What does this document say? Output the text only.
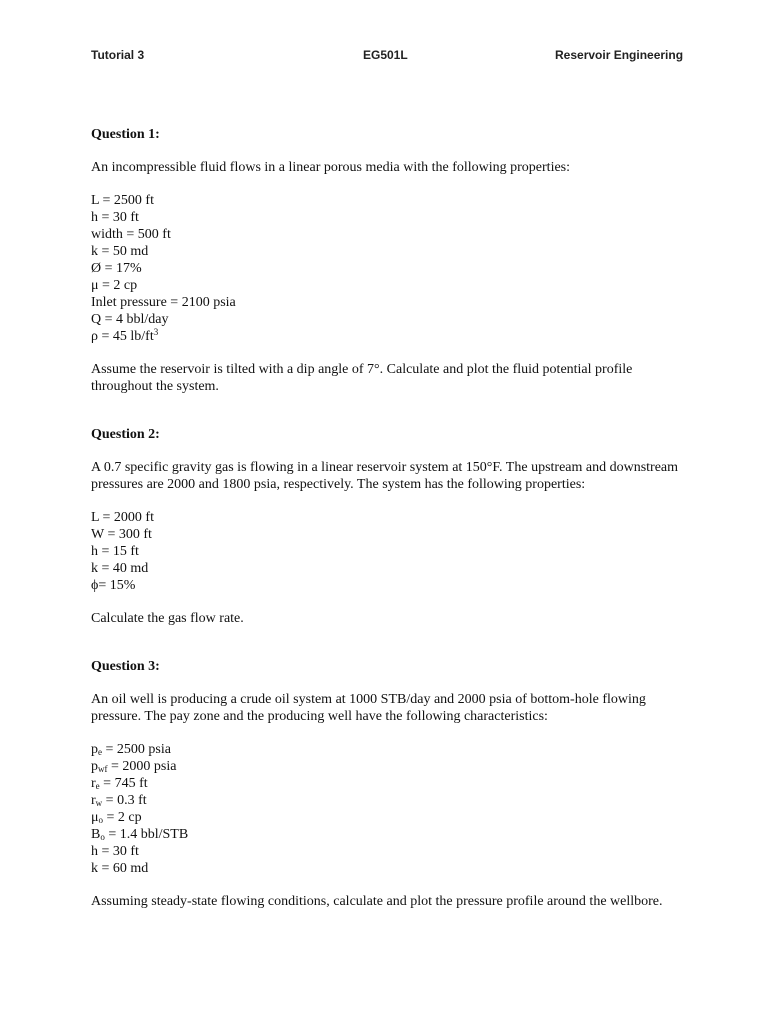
Tutorial 3	EG501L	Reservoir Engineering

Question 1:

An incompressible fluid flows in a linear porous media with the following properties:

L = 2500 ft
h = 30 ft
width = 500 ft
k = 50 md
Ø = 17%
μ = 2 cp
Inlet pressure = 2100 psia
Q = 4 bbl/day
ρ = 45 $lb/ft^3$

Assume the reservoir is tilted with a dip angle of 7°. Calculate and plot the fluid potential profile throughout the system.

Question 2:

A 0.7 specific gravity gas is flowing in a linear reservoir system at 150°F. The upstream and downstream pressures are 2000 and 1800 psia, respectively. The system has the following properties:

L = 2000 ft
W = 300 ft
h = 15 ft
k = 40 md
ϕ= 15%

Calculate the gas flow rate.

Question 3:

An oil well is producing a crude oil system at 1000 STB/day and 2000 psia of bottom-hole flowing pressure. The pay zone and the producing well have the following characteristics:

$p_e = 2500$ psia
$p_{wf} = 2000$ psia
$r_e = 745$ ft
$r_w = 0.3$ ft
$\mu_o = 2$ cp
$B_o = 1.4$ bbl/STB
h = 30 ft
k = 60 md

Assuming steady-state flowing conditions, calculate and plot the pressure profile around the wellbore.
